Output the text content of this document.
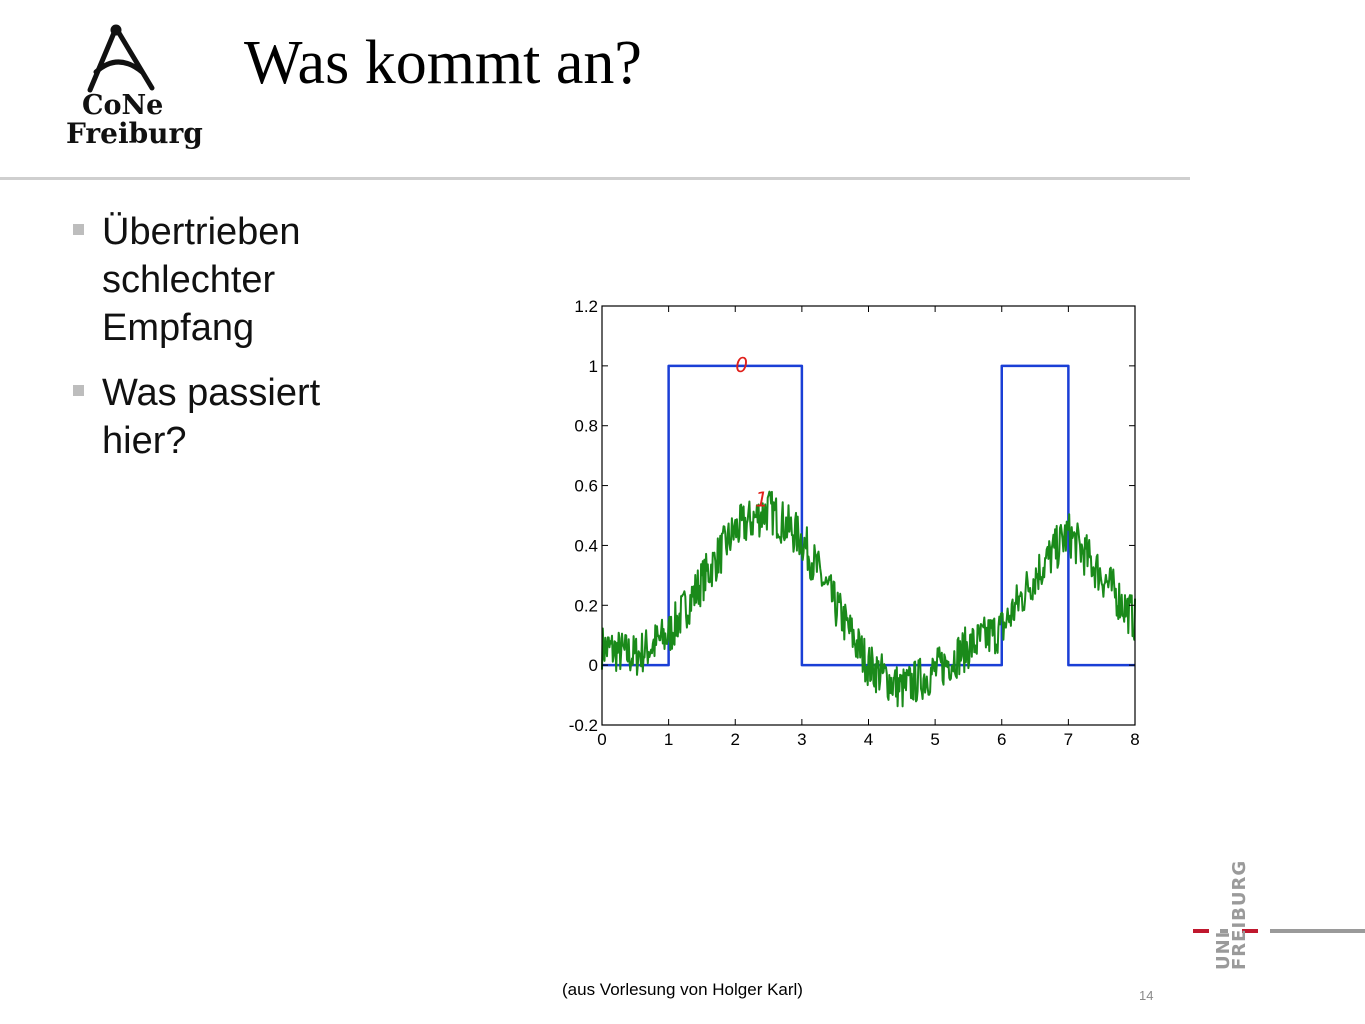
CoNe
Freiburg
Was kommt an?
Übertrieben schlechter Empfang
Was passiert hier?
0
1
0	1	2	3	4	5	6	7	8
-0.2
0
0.2
0.4
0.6
0.8
1
1.2
(aus Vorlesung von Holger Karl)	14
UNI
FREIBURG
